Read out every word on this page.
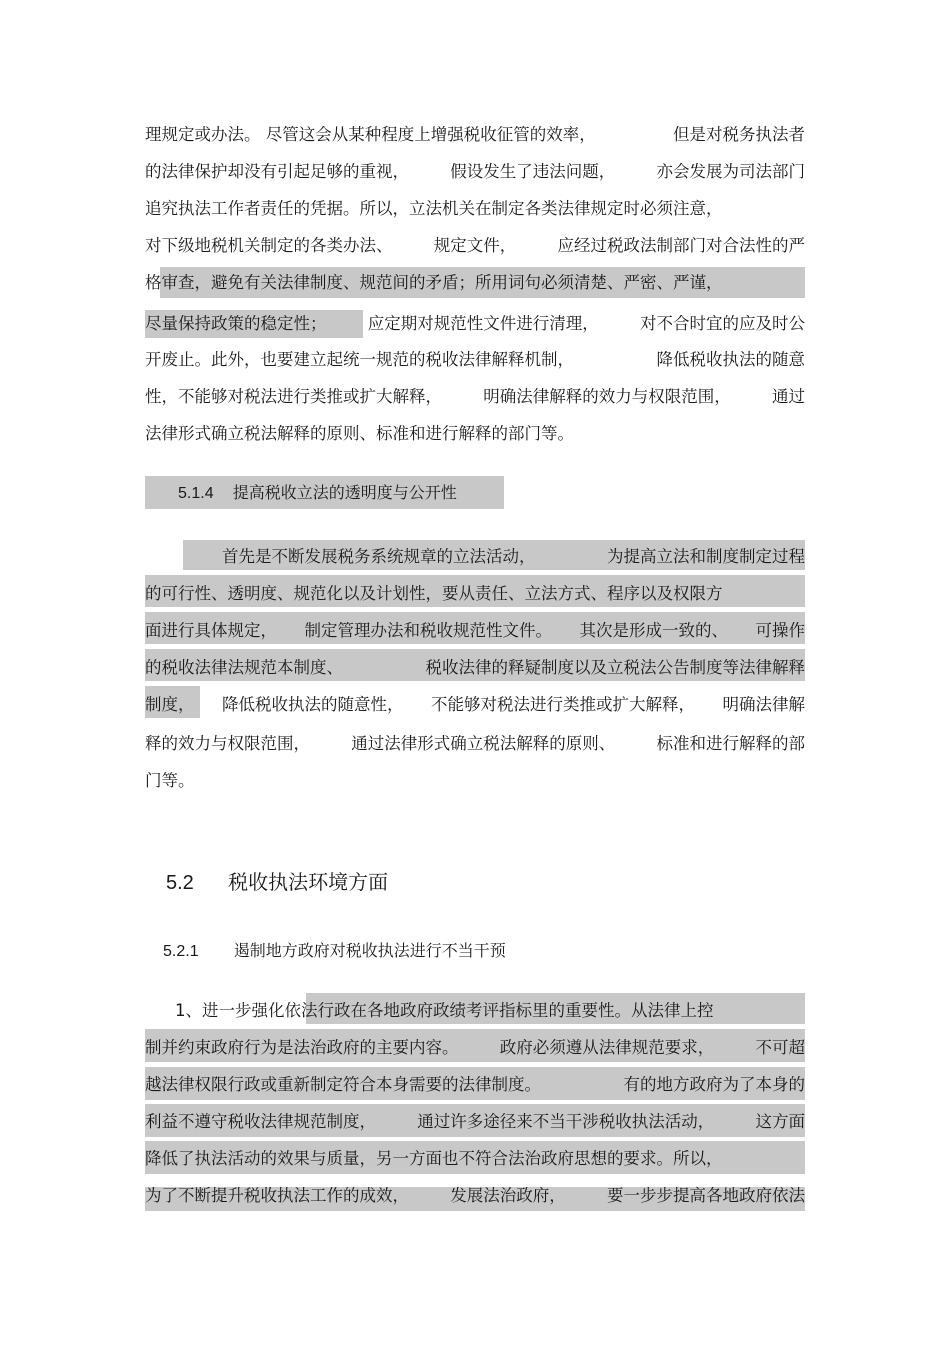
理规定或办法。 尽管这会从某种程度上增强税收征管的效率，	但是对税务执法者
的法律保护却没有引起足够的重视，	假设发生了违法问题，	亦会发展为司法部门
追究执法工作者责任的凭据。所以，立法机关在制定各类法律规定时必须注意，
对下级地税机关制定的各类办法、	规定文件，	应经过税政法制部门对合法性的严
格审查，避免有关法律制度、规范间的矛盾；所用词句必须清楚、严密、严谨，
尽量保持政策的稳定性；	应定期对规范性文件进行清理，	对不合时宜的应及时公
开废止。此外，也要建立起统一规范的税收法律解释机制，	降低税收执法的随意
性，不能够对税法进行类推或扩大解释，	明确法律解释的效力与权限范围，	通过
法律形式确立税法解释的原则、标准和进行解释的部门等。
5.1.4 提高税收立法的透明度与公开性
首先是不断发展税务系统规章的立法活动，	为提高立法和制度制定过程
的可行性、透明度、规范化以及计划性，要从责任、立法方式、程序以及权限方
面进行具体规定， 制定管理办法和税收规范性文件。 其次是形成一致的、 可操作
的税收法律法规范本制度、	税收法律的释疑制度以及立税法公告制度等法律解释
制度， 降低税收执法的随意性， 不能够对税法进行类推或扩大解释， 明确法律解
释的效力与权限范围，	通过法律形式确立税法解释的原则、	标准和进行解释的部
门等。
5.2 税收执法环境方面
5.2.1 遏制地方政府对税收执法进行不当干预
1、进一步强化依法行政在各地政府政绩考评指标里的重要性。从法律上控
制并约束政府行为是法治政府的主要内容。	政府必须遵从法律规范要求，	不可超
越法律权限行政或重新制定符合本身需要的法律制度。	有的地方政府为了本身的
利益不遵守税收法律规范制度，	通过许多途径来不当干涉税收执法活动，	这方面
降低了执法活动的效果与质量，另一方面也不符合法治政府思想的要求。所以，
为了不断提升税收执法工作的成效，	发展法治政府，	要一步步提高各地政府依法
